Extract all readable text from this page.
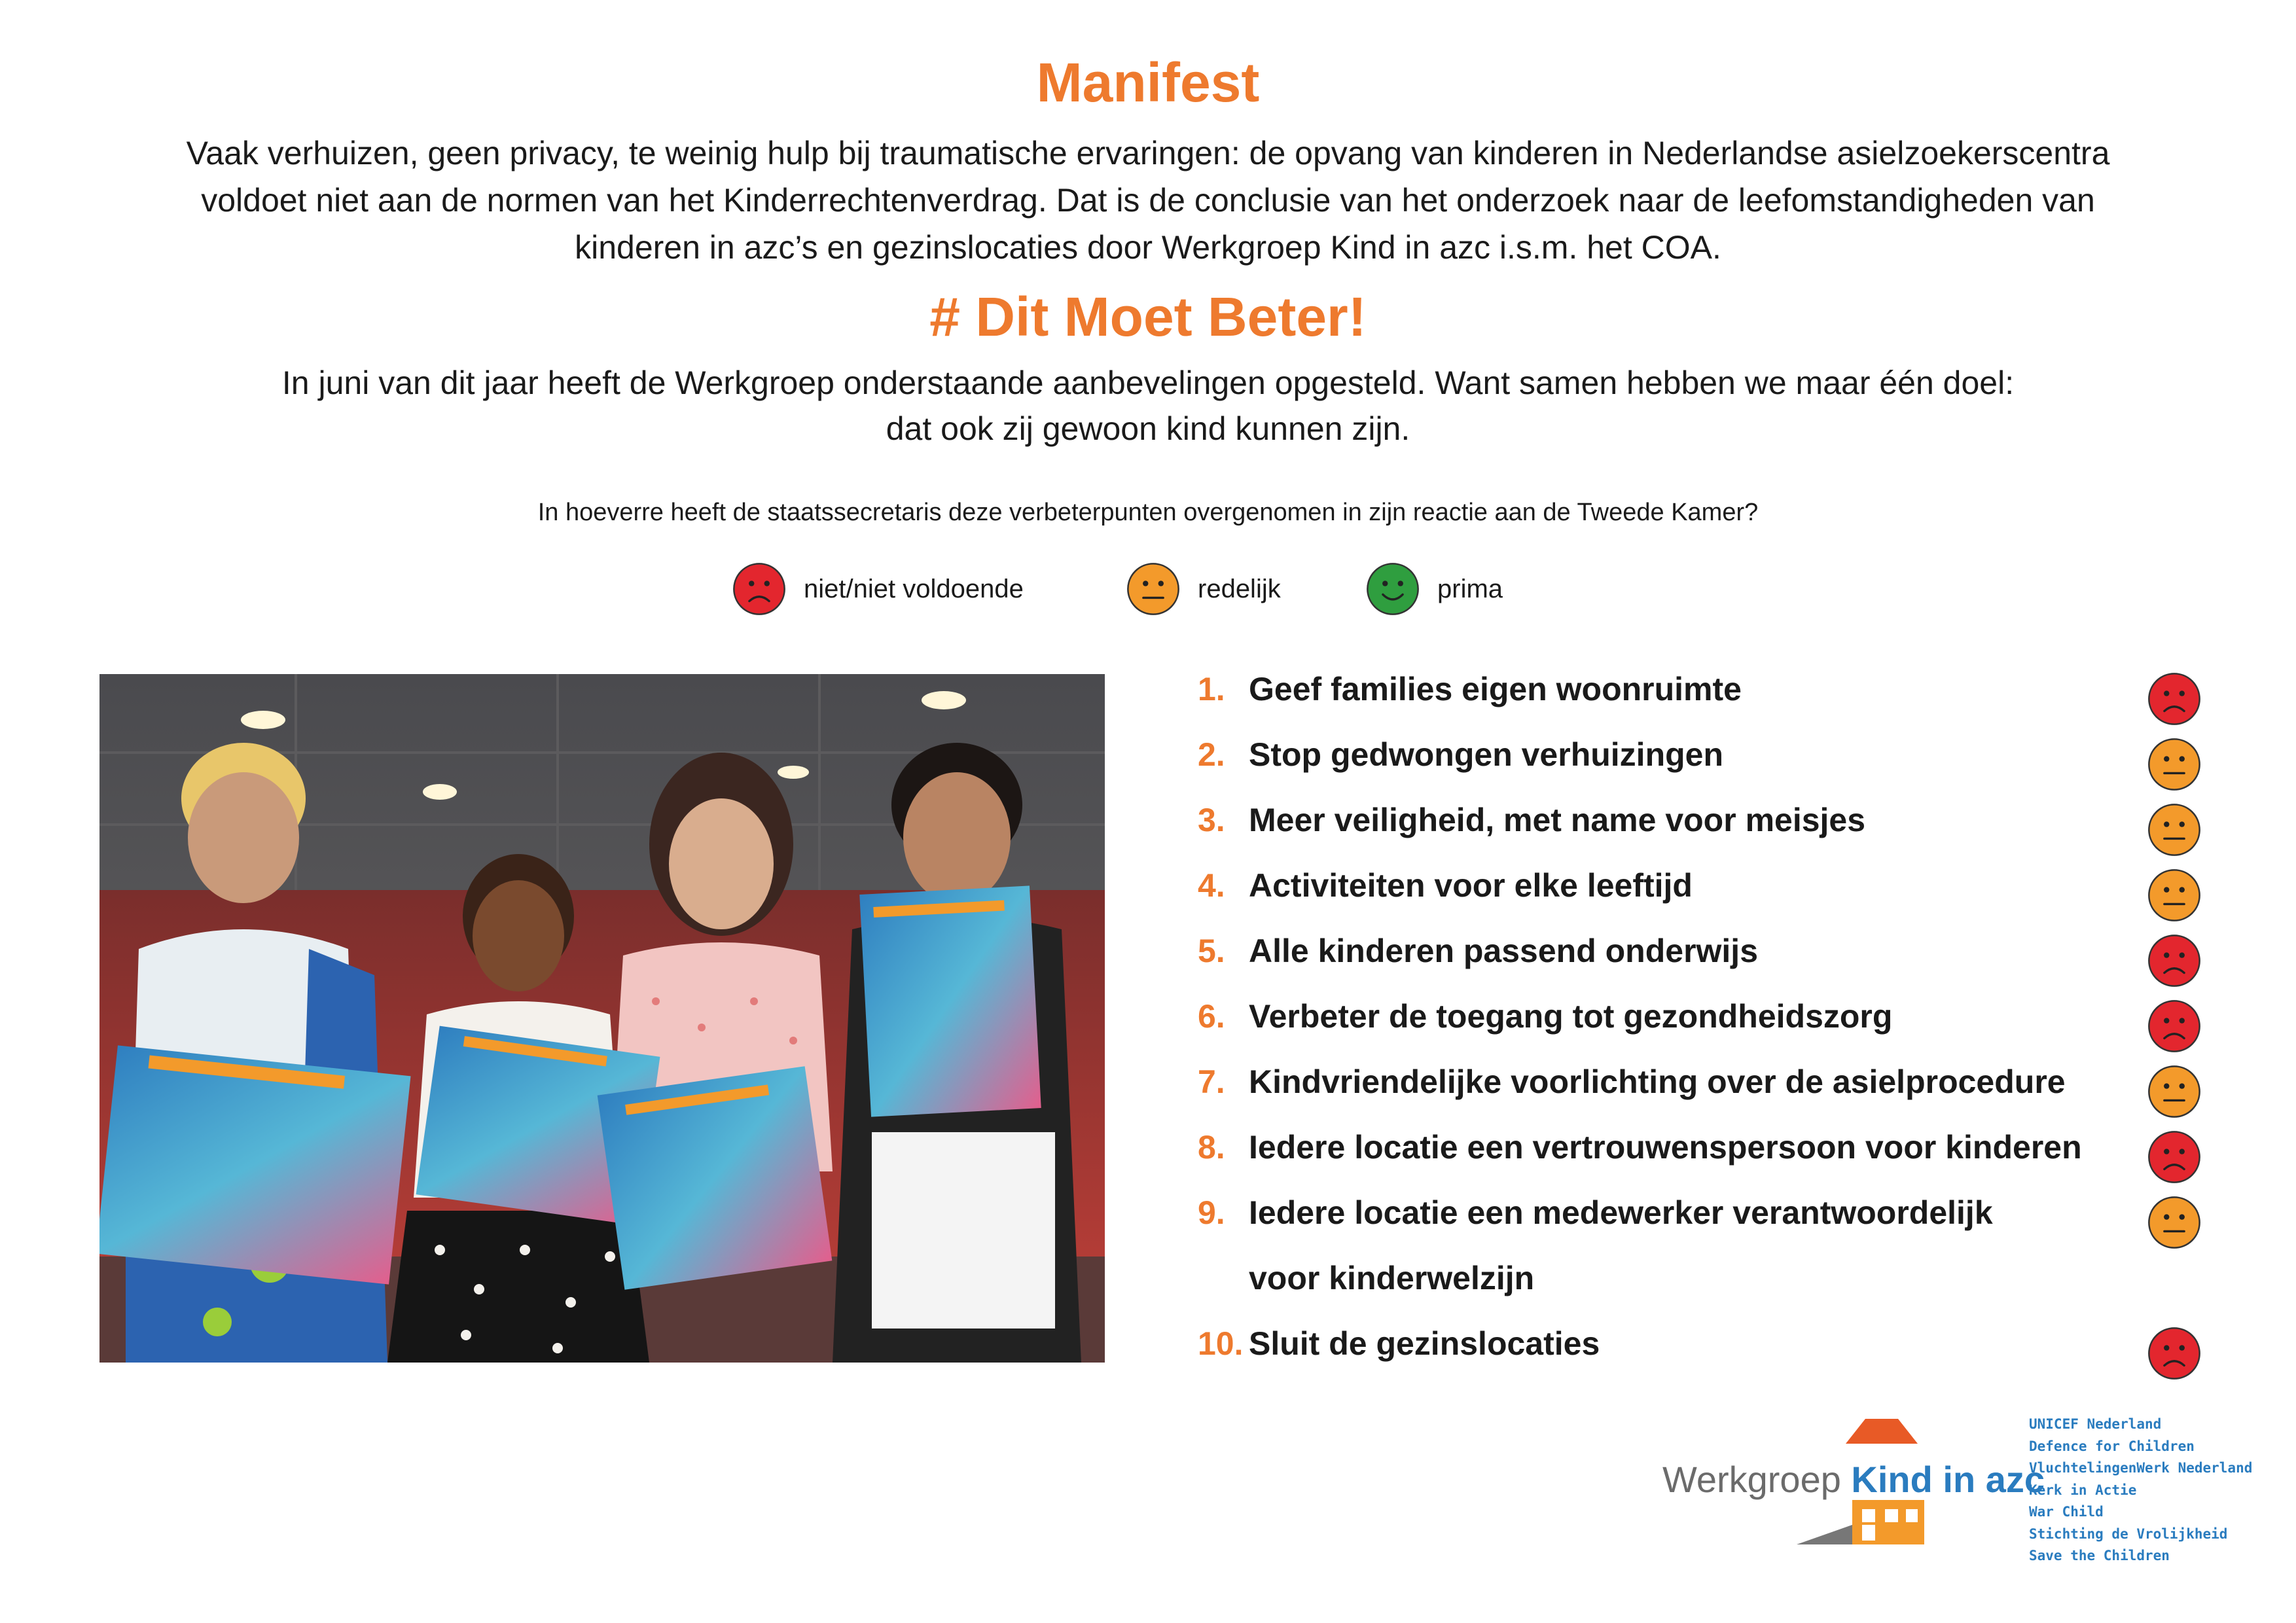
Manifest
Vaak verhuizen, geen privacy, te weinig hulp bij traumatische ervaringen: de opvang van kinderen in Nederlandse asielzoekerscentra
voldoet niet aan de normen van het Kinderrechtenverdrag. Dat is de conclusie van het onderzoek naar de leefomstandigheden van
kinderen in azc’s en gezinslocaties door Werkgroep Kind in azc i.s.m. het COA.
# Dit Moet Beter!
In juni van dit jaar heeft de Werkgroep onderstaande aanbevelingen opgesteld. Want samen hebben we maar één doel:
dat ook zij gewoon kind kunnen zijn.
In hoeverre heeft de staatssecretaris deze verbeterpunten overgenomen in zijn reactie aan de Tweede Kamer?
niet/niet voldoende	redelijk	prima
1. Geef families eigen woonruimte
2. Stop gedwongen verhuizingen
3. Meer veiligheid, met name voor meisjes
4. Activiteiten voor elke leeftijd
5. Alle kinderen passend onderwijs
6. Verbeter de toegang tot gezondheidszorg
7. Kindvriendelijke voorlichting over de asielprocedure
8. Iedere locatie een vertrouwenspersoon voor kinderen
9. Iedere locatie een medewerker verantwoordelijk
voor kinderwelzijn
10. Sluit de gezinslocaties
Werkgroep Kind in azc
UNICEF Nederland
Defence for Children
VluchtelingenWerk Nederland
Kerk in Actie
War Child
Stichting de Vrolijkheid
Save the Children
